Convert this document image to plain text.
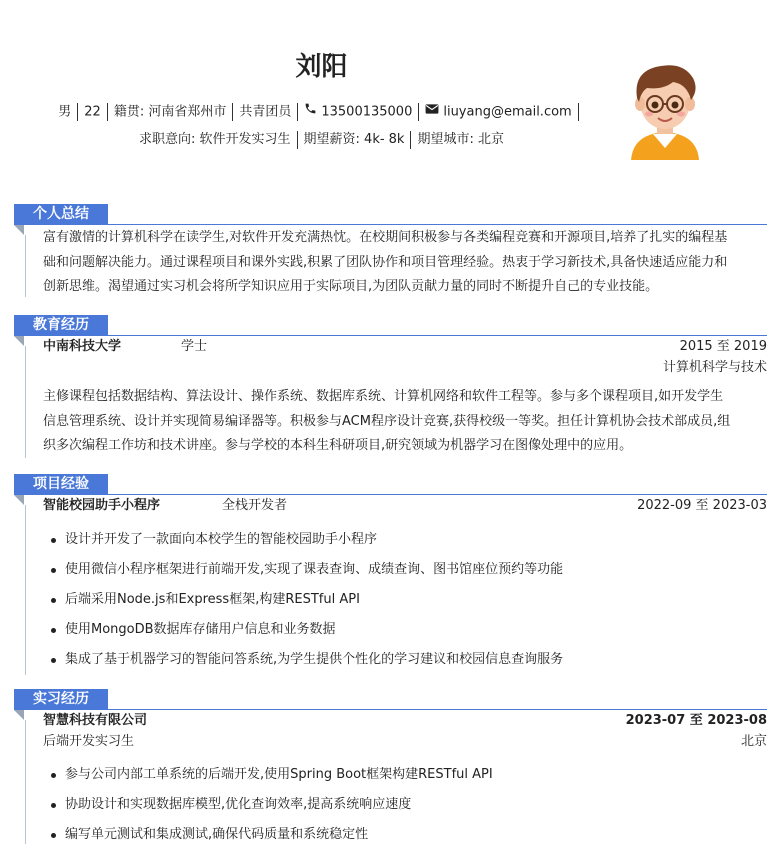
刘阳
男 22 籍贯: 河南省郑州市 共青团员 13500135000 liuyang@email.com
求职意向: 软件开发实习生 期望薪资: 4k- 8k 期望城市: 北京
个人总结
富有激情的计算机科学在读学生,对软件开发充满热忱。在校期间积极参与各类编程竞赛和开源项目,培养了扎实的编程基
础和问题解决能力。通过课程项目和课外实践,积累了团队协作和项目管理经验。热衷于学习新技术,具备快速适应能力和
创新思维。渴望通过实习机会将所学知识应用于实际项目,为团队贡献力量的同时不断提升自己的专业技能。
教育经历
中南科技大学	学士	2015 至 2019
计算机科学与技术
主修课程包括数据结构、算法设计、操作系统、数据库系统、计算机网络和软件工程等。参与多个课程项目,如开发学生
信息管理系统、设计并实现简易编译器等。积极参与ACM程序设计竞赛,获得校级一等奖。担任计算机协会技术部成员,组
织多次编程工作坊和技术讲座。参与学校的本科生科研项目,研究领域为机器学习在图像处理中的应用。
项目经验
智能校园助手小程序	全栈开发者	2022-09 至 2023-03
设计并开发了一款面向本校学生的智能校园助手小程序
使用微信小程序框架进行前端开发,实现了课表查询、成绩查询、图书馆座位预约等功能
后端采用Node.js和Express框架,构建RESTful API
使用MongoDB数据库存储用户信息和业务数据
集成了基于机器学习的智能问答系统,为学生提供个性化的学习建议和校园信息查询服务
实习经历
智慧科技有限公司	2023-07 至 2023-08
后端开发实习生	北京
参与公司内部工单系统的后端开发,使用Spring Boot框架构建RESTful API
协助设计和实现数据库模型,优化查询效率,提高系统响应速度
编写单元测试和集成测试,确保代码质量和系统稳定性
